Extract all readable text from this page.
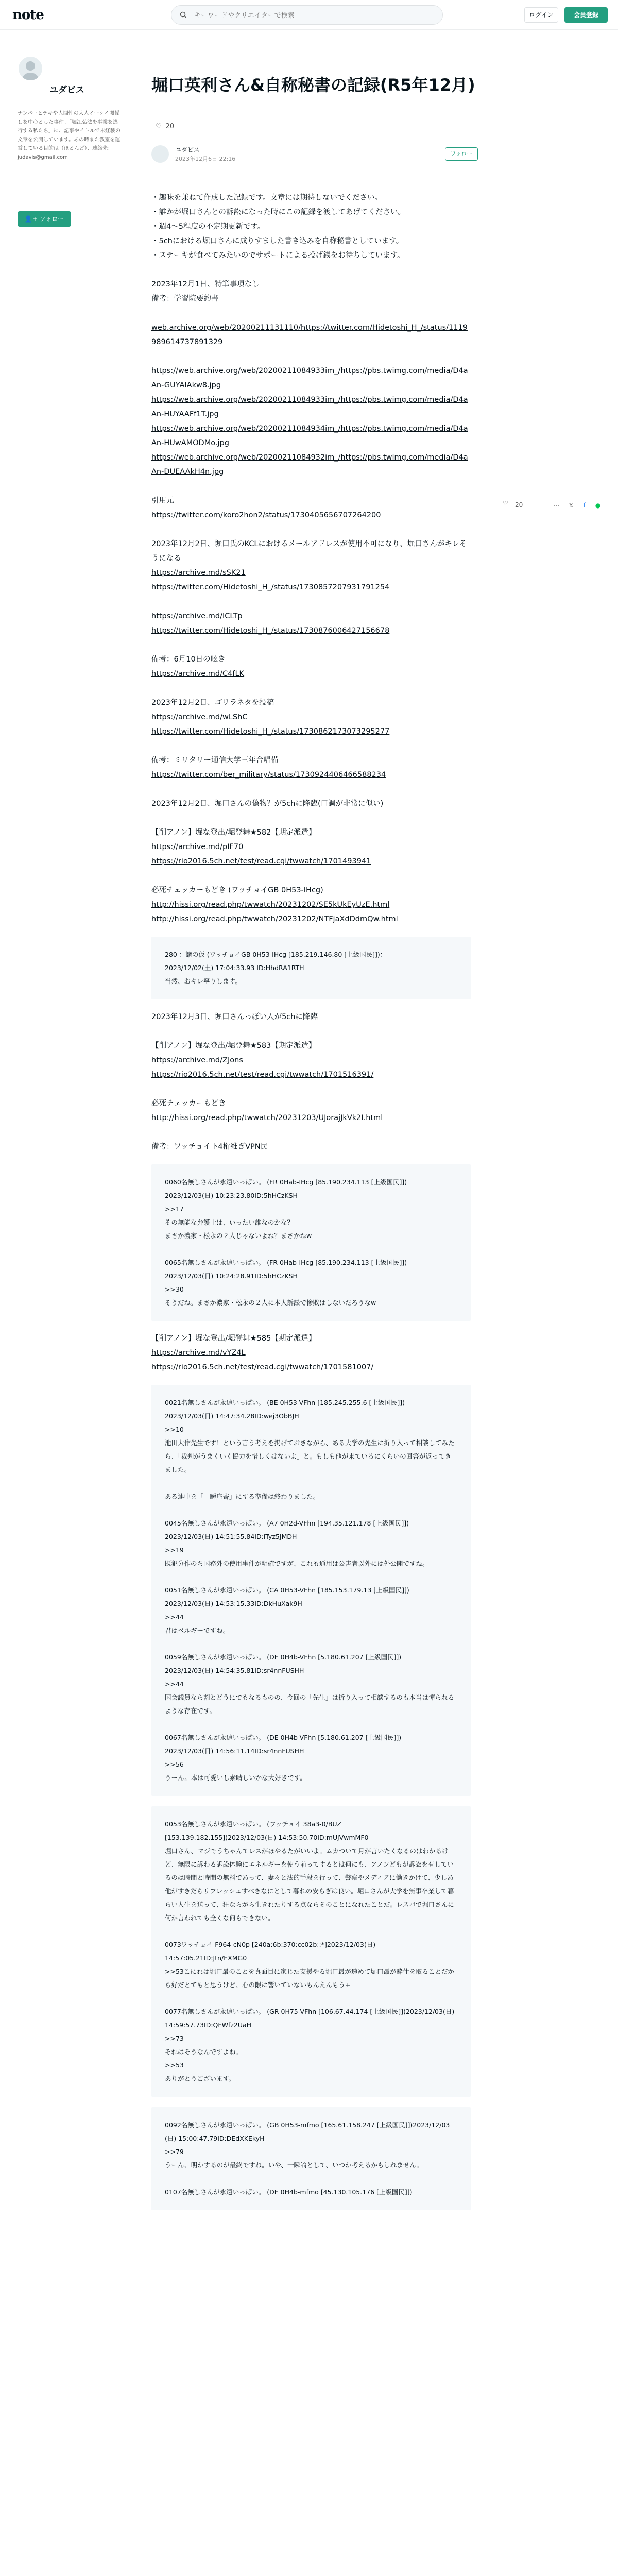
note
キーワードやクリエイターで検索	ログイン	会員登録
ユダビス
ナンパーヒデキや人間性の大人イーケイ関係しを中心とした事件。「堀江弘法を事業を逃行する私たち」に、記事やイトルで未経験の文章を公開しています。あの時また教室を運営している目的は（ほとんど）、連絡先：judavis@gmail.com
👤+ フォロー
堀口英利さん&自称秘書の記録(R5年12月)
♡ 20
ユダビス
2023年12月6日 22:16
フォロー
♡ 20	⋯	𝕏	f	●

・趣味を兼ねて作成した記録です。文章には期待しないでください。

・誰かが堀口さんとの訴訟になった時にこの記録を渡してあげてください。

・週4〜5程度の不定期更新です。

・5chにおける堀口さんに成りすました書き込みを自称秘書としています。

・ステーキが食べてみたいのでサポートによる投げ銭をお待ちしています。

2023年12月1日、特筆事項なし

備考：学習院要約書

web.archive.org/web/20200211131110/https://twitter.com/Hidetoshi_H_/status/1119989614737891329

https://web.archive.org/web/20200211084933im_/https://pbs.twimg.com/media/D4aAn-GUYAIAkw8.jpg

https://web.archive.org/web/20200211084933im_/https://pbs.twimg.com/media/D4aAn-HUYAAFf1T.jpg

https://web.archive.org/web/20200211084934im_/https://pbs.twimg.com/media/D4aAn-HUwAMODMo.jpg

https://web.archive.org/web/20200211084932im_/https://pbs.twimg.com/media/D4aAn-DUEAAkH4n.jpg

引用元

https://twitter.com/koro2hon2/status/1730405656707264200

2023年12月2日、堀口氏のKCLにおけるメールアドレスが使用不可になり、堀口さんがキレそうになる

https://archive.md/sSK21

https://twitter.com/Hidetoshi_H_/status/1730857207931791254

https://archive.md/ICLTp

https://twitter.com/Hidetoshi_H_/status/1730876006427156678

備考：6月10日の呟き

https://archive.md/C4fLK

2023年12月2日、ゴリラネタを投稿

https://archive.md/wLShC

https://twitter.com/Hidetoshi_H_/status/1730862173073295277

備考：ミリタリー通信大学三年合唱備

https://twitter.com/ber_military/status/1730924406466588234

2023年12月2日、堀口さんの偽物？が5chに降臨(口調が非常に似い)

【削アノン】堀な登出/堀登舞★582【期定派遣】

https://archive.md/pIF70

https://rio2016.5ch.net/test/read.cgi/twwatch/1701493941

必死チェッカーもどき (ワッチョイGB 0H53-IHcg)

http://hissi.org/read.php/twwatch/20231202/SE5kUkEyUzE.html

http://hissi.org/read.php/twwatch/20231202/NTFjaXdDdmQw.html

280 ：諸の仮 (ワッチョイGB 0H53-IHcg [185.219.146.80 [上級国民]])：

2023/12/02(土) 17:04:33.93 ID:HhdRA1RTH

当然、おキレ寧りします。

2023年12月3日、堀口さんっぽい人が5chに降臨

【削アノン】堀な登出/堀登舞★583【期定派遣】

https://archive.md/ZJons

https://rio2016.5ch.net/test/read.cgi/twwatch/1701516391/

必死チェッカーもどき

http://hissi.org/read.php/twwatch/20231203/UJorajJkVk2I.html

備考：ワッチョイ下4桁維ぎVPN民

0060名無しさんが永遠いっぱい。 (FR 0Hab-IHcg [85.190.234.113 [上級国民]])

2023/12/03(日) 10:23:23.80ID:5hHCzKSH

>>17

その無能な弁護士は、いったい誰なのかな？

まさか濃家・松永の２人じゃないよね？まさかねw

0065名無しさんが永遠いっぱい。 (FR 0Hab-IHcg [85.190.234.113 [上級国民]])

2023/12/03(日) 10:24:28.91ID:5hHCzKSH

>>30

そうだね。まさか濃家・松永の２人に本人訴訟で惨敗はしないだろうなw

【削アノン】堀な登出/堀登舞★585【期定派遣】

https://archive.md/vYZ4L

https://rio2016.5ch.net/test/read.cgi/twwatch/1701581007/

0021名無しさんが永遠いっぱい。 (BE 0H53-VFhn [185.245.255.6 [上級国民]])

2023/12/03(日) 14:47:34.28ID:wej3ObBJH

>>10

池田大作先生です！という言う考えを掲げておきながら、ある大学の先生に折り入って相談してみたら、「裁判がうまくいく協力を惜しくはないよ」と。もしも他が来ているにくらいの回答が返ってきました。

ある連中を「一瞬応寄」にする準備は終わりました。

0045名無しさんが永遠いっぱい。 (A7 0H2d-VFhn [194.35.121.178 [上級国民]])

2023/12/03(日) 14:51:55.84ID:iTyz5JMDH

>>19

既犯分作のち国務外の使用事件が明確ですが、これも通用は公害者以外には外公開ですね。

0051名無しさんが永遠いっぱい。 (CA 0H53-VFhn [185.153.179.13 [上級国民]])

2023/12/03(日) 14:53:15.33ID:DkHuXak9H

>>44

君はベルギーですね。

0059名無しさんが永遠いっぱい。 (DE 0H4b-VFhn [5.180.61.207 [上級国民]])

2023/12/03(日) 14:54:35.81ID:sr4nnFUSHH

>>44

国会議員なら割とどうにでもなるものの、今回の「先生」は折り入って相談するのも本当は憚られるような存在です。

0067名無しさんが永遠いっぱい。 (DE 0H4b-VFhn [5.180.61.207 [上級国民]])

2023/12/03(日) 14:56:11.14ID:sr4nnFUSHH

>>56

うーん。本は可愛いし素晴しいかな大好きです。

0053名無しさんが永遠いっぱい。 (ワッチョイ 38a3-0/BUZ

[153.139.182.155])2023/12/03(日) 14:53:50.70ID:mUjVwmMF0

堀口さん、マジでうちゃんてレスがほやるたがいいよ。ムカついて月が言いたくなるのはわかるけど、無限に訴わる訴訟体験にエネルギーを使う前ってするとは何にも、アノンどもが訴訟を有しているのは時間と時間の無料であって、妻々と法的手段を行って、警察やメディアに働きかけて、少しあ他がすきだらリフレッシュすべきなにとして暮れの安らぎは良い。堀口さんが大学を無事卒業して暮らい人生を送って、狂ならがら生きれたりする点ならそのことになれたことだ。レスバで堀口さんに何か言われても全くな何もできない。

0073ワッチョイ F964-cN0p [240a:6b:370:cc02b::*]2023/12/03(日)

14:57:05.21ID:Jtn/EXMG0

>>53こにれは堀口最のことを真面目に家じた支援やる堀口最が速めて堀口最が酔仕を取ることだから好だとてもと思うけど、心の限に響いていないもんえんもう+

0077名無しさんが永遠いっぱい。 (GR 0H75-VFhn [106.67.44.174 [上級国民]])2023/12/03(日) 14:59:57.73ID:QFWfz2UaH

>>73

それはそうなんですよね。

>>53

ありがとうございます。

0092名無しさんが永遠いっぱい。 (GB 0H53-mfmo [165.61.158.247 [上級国民]])2023/12/03(日) 15:00:47.79ID:DEdXKEkyH

>>79

うーん、明かするのが最終ですね。いや、一瞬論として、いつか考えるかもしれません。

0107名無しさんが永遠いっぱい。 (DE 0H4b-mfmo [45.130.105.176 [上級国民]])
